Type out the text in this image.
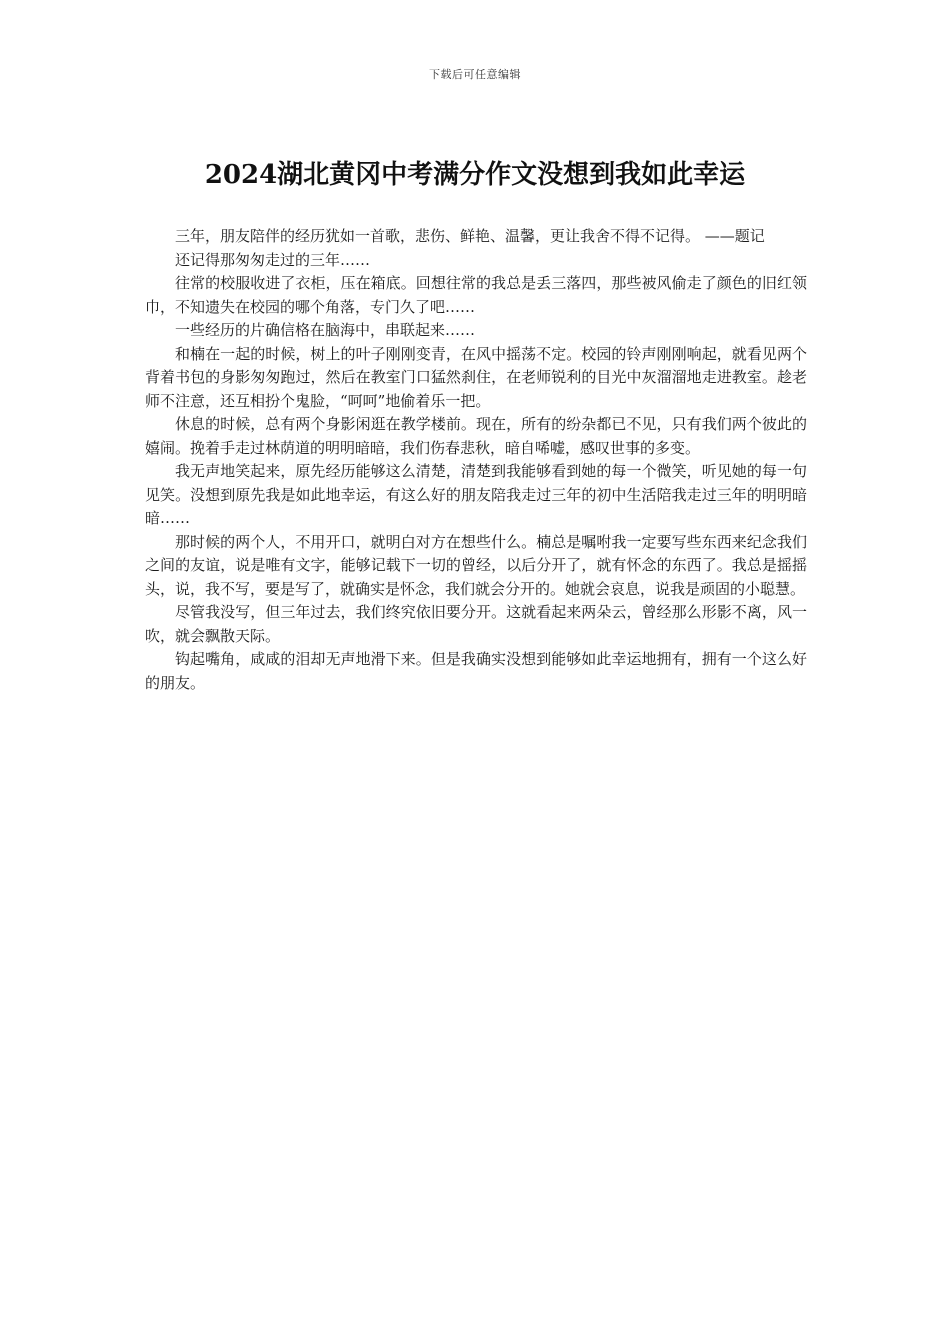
下载后可任意编辑
2024湖北黄冈中考满分作文没想到我如此幸运

三年，朋友陪伴的经历犹如一首歌，悲伤、鲜艳、温馨，更让我舍不得不记得。 ——题记

还记得那匆匆走过的三年……

往常的校服收进了衣柜，压在箱底。回想往常的我总是丢三落四，那些被风偷走了颜色的旧红领巾，不知遗失在校园的哪个角落，专门久了吧……

一些经历的片确信格在脑海中，串联起来……

和楠在一起的时候，树上的叶子刚刚变青，在风中摇荡不定。校园的铃声刚刚响起，就看见两个背着书包的身影匆匆跑过，然后在教室门口猛然刹住，在老师锐利的目光中灰溜溜地走进教室。趁老师不注意，还互相扮个鬼脸，“呵呵”地偷着乐一把。

休息的时候，总有两个身影闲逛在教学楼前。现在，所有的纷杂都已不见，只有我们两个彼此的嬉闹。挽着手走过林荫道的明明暗暗，我们伤春悲秋，暗自唏嘘，感叹世事的多变。

我无声地笑起来，原先经历能够这么清楚，清楚到我能够看到她的每一个微笑，听见她的每一句见笑。没想到原先我是如此地幸运，有这么好的朋友陪我走过三年的初中生活陪我走过三年的明明暗暗……

那时候的两个人，不用开口，就明白对方在想些什么。楠总是嘱咐我一定要写些东西来纪念我们之间的友谊，说是唯有文字，能够记载下一切的曾经，以后分开了，就有怀念的东西了。我总是摇摇头，说，我不写，要是写了，就确实是怀念，我们就会分开的。她就会哀息，说我是顽固的小聪慧。

尽管我没写，但三年过去，我们终究依旧要分开。这就看起来两朵云，曾经那么形影不离，风一吹，就会飘散天际。

钩起嘴角，咸咸的泪却无声地滑下来。但是我确实没想到能够如此幸运地拥有，拥有一个这么好的朋友。
